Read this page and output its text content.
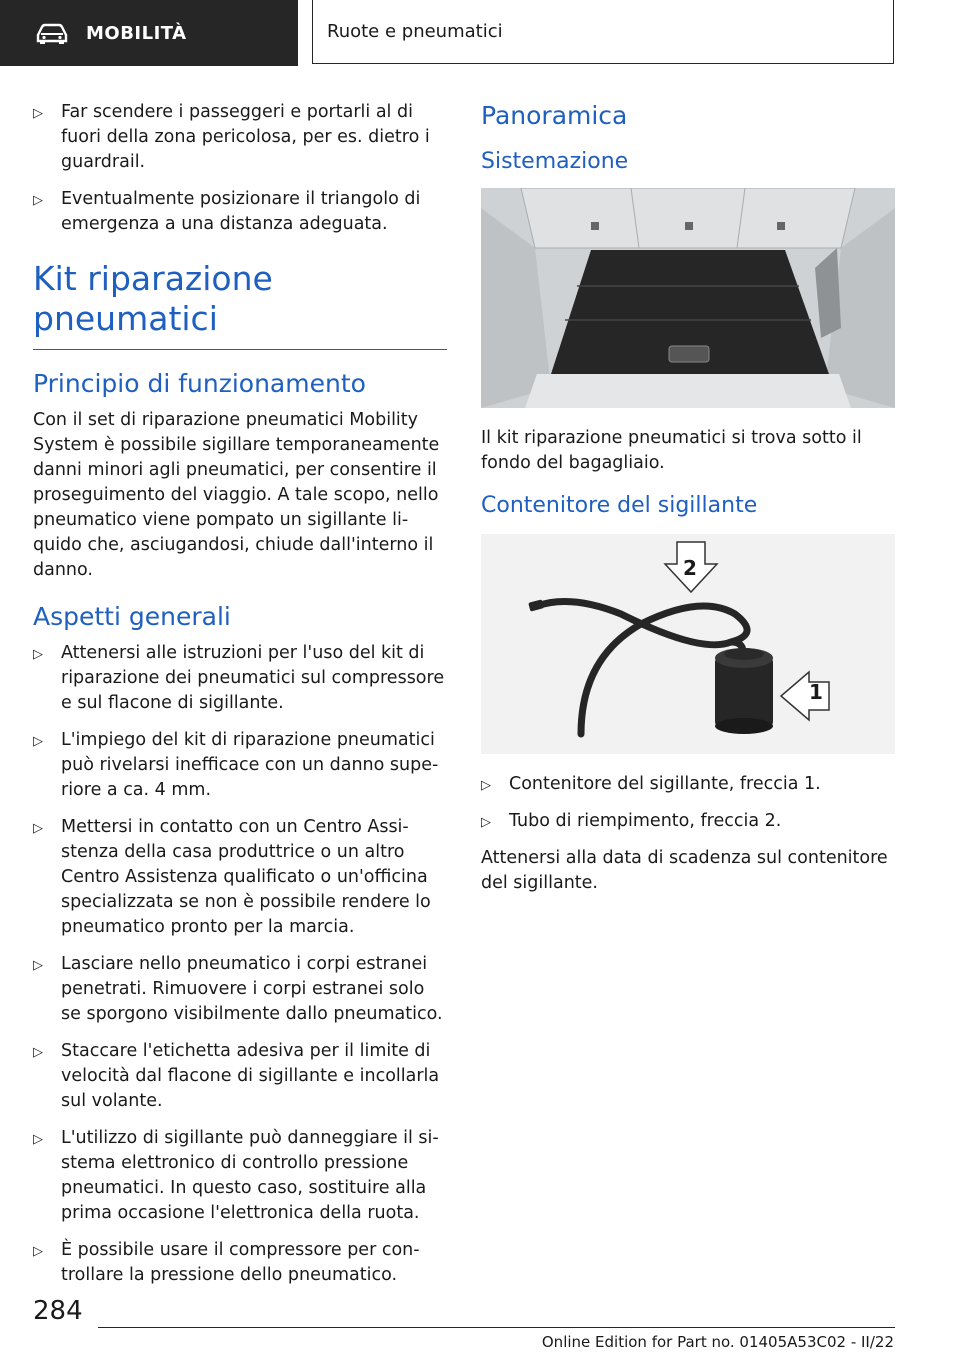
MOBILITÀ	Ruote e pneumatici
▷ Far scendere i passeggeri e portarli al di fuori della zona pericolosa, per es. dietro i guardrail.
▷ Eventualmente posizionare il triangolo di emergenza a una distanza adeguata.
Kit riparazione pneumatici
Principio di funzionamento

Con il set di riparazione pneumatici Mobility System è possibile sigillare temporaneamente danni minori agli pneumatici, per consentire il proseguimento del viaggio. A tale scopo, nello pneumatico viene pompato un sigillante liquido che, asciugandosi, chiude dall'interno il danno.

Aspetti generali
▷ Attenersi alle istruzioni per l'uso del kit di riparazione dei pneumatici sul compressore e sul flacone di sigillante.
▷ L'impiego del kit di riparazione pneumatici può rivelarsi inefficace con un danno superiore a ca. 4 mm.
▷ Mettersi in contatto con un Centro Assistenza della casa produttrice o un altro Centro Assistenza qualificato o un'officina specializzata se non è possibile rendere lo pneumatico pronto per la marcia.
▷ Lasciare nello pneumatico i corpi estranei penetrati. Rimuovere i corpi estranei solo se sporgono visibilmente dallo pneumatico.
▷ Staccare l'etichetta adesiva per il limite di velocità dal flacone di sigillante e incollarla sul volante.
▷ L'utilizzo di sigillante può danneggiare il sistema elettronico di controllo pressione pneumatici. In questo caso, sostituire alla prima occasione l'elettronica della ruota.
▷ È possibile usare il compressore per controllare la pressione dello pneumatico.
Panoramica
Sistemazione

Il kit riparazione pneumatici si trova sotto il fondo del bagagliaio.

Contenitore del sigillante
2
1
▷ Contenitore del sigillante, freccia 1.
▷ Tubo di riempimento, freccia 2.

Attenersi alla data di scadenza sul contenitore del sigillante.

284
Online Edition for Part no. 01405A53C02 - II/22
